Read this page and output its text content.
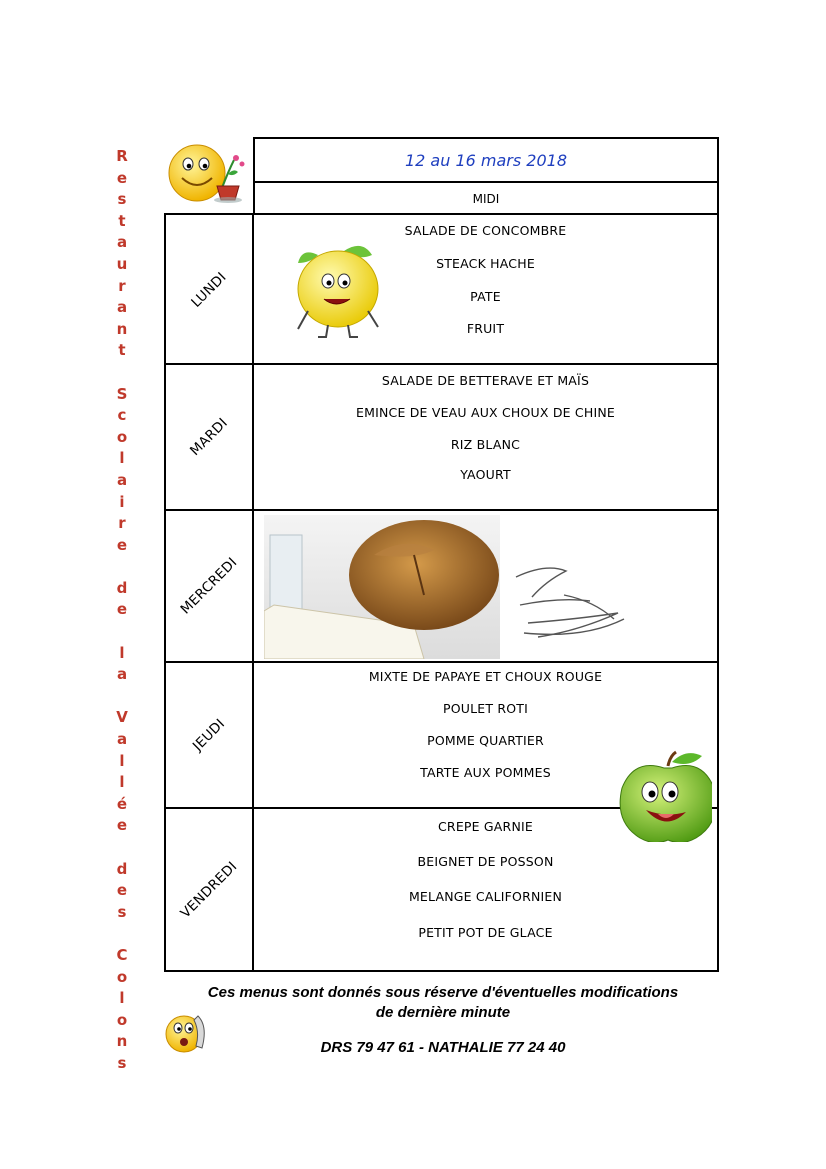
R
e
s
t
a
u
r
a
n
t

S
c
o
l
a
i
r
e

d
e

l
a

V
a
l
l
é
e

d
e
s

C
o
l
o
n
s
12 au 16 mars 2018
MIDI
LUNDI
SALADE DE CONCOMBRE
STEACK HACHE
PATE
FRUIT
MARDI
SALADE DE BETTERAVE ET MAÏS
EMINCE DE VEAU AUX CHOUX DE CHINE
RIZ BLANC
YAOURT
MERCREDI
JEUDI
MIXTE DE PAPAYE ET CHOUX ROUGE
POULET ROTI
POMME QUARTIER
TARTE AUX POMMES
VENDREDI
CREPE GARNIE
BEIGNET DE POSSON
MELANGE CALIFORNIEN
PETIT POT DE GLACE
Ces menus sont donnés sous réserve d'éventuelles modifications
de dernière minute
DRS 79 47 61 - NATHALIE 77 24 40
